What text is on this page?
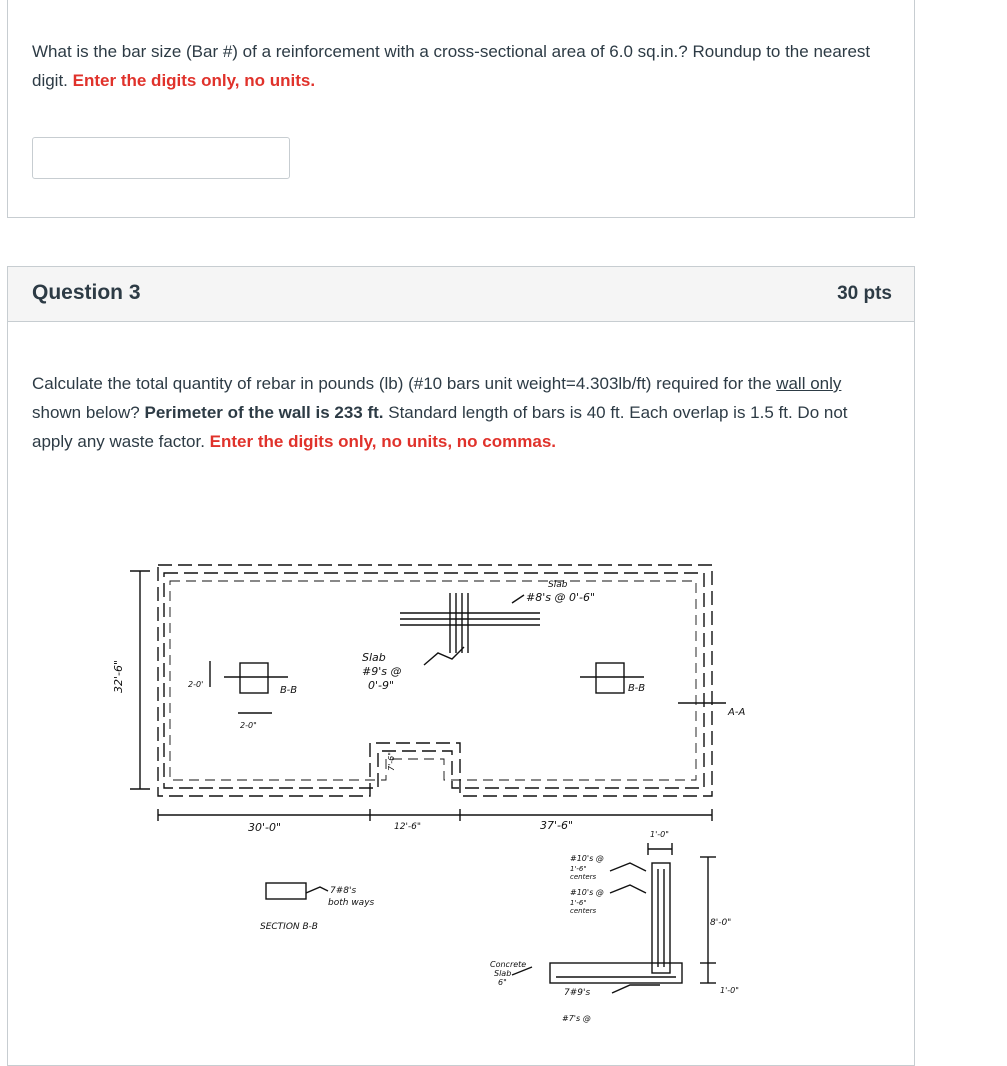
What is the bar size (Bar #) of a reinforcement with a cross-sectional area of 6.0 sq.in.? Roundup to the nearest digit. Enter the digits only, no units.
Question 3	30 pts
Calculate the total quantity of rebar in pounds (lb) (#10 bars unit weight=4.303lb/ft) required for the wall only shown below? Perimeter of the wall is 233 ft. Standard length of bars is 40 ft. Each overlap is 1.5 ft. Do not apply any waste factor. Enter the digits only, no units, no commas.
32'-6"
30'-0"	12'-6"	37'-6"
2-0'
2-0"
7'-6"
Slab
#8's @ 0'-6"
Slab
#9's @
0'-9"
B-B	B-B
A-A
7#8's
both ways
SECTION B-B
1'-0"
#10's @
1'-6"
centers
#10's @
1'-6"
centers
8'-0"
Concrete
Slab
6"
7#9's
#7's @
1'-0"
